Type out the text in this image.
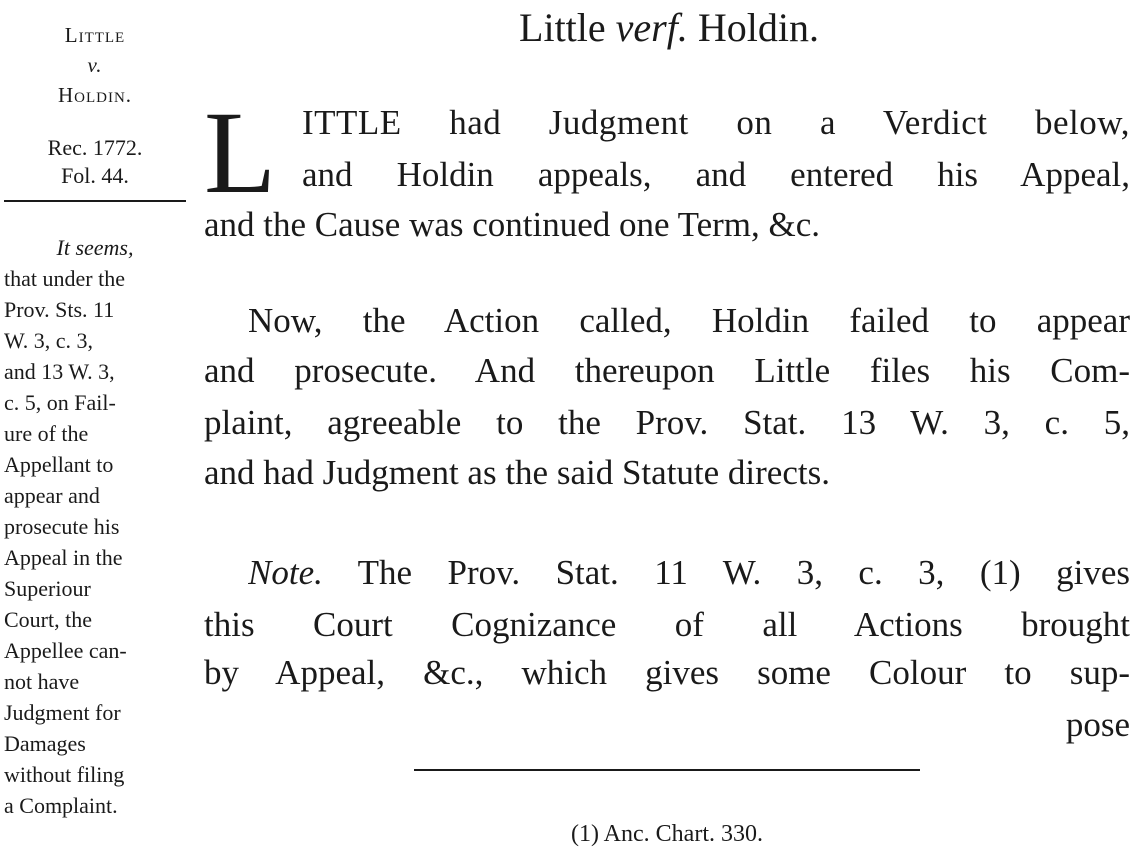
Little
v.
Holdin.
Rec. 1772.
Fol. 44.
It seems,
that under the
Prov. Sts. 11
W. 3, c. 3,
and 13 W. 3,
c. 5, on Fail-
ure of the
Appellant to
appear and
prosecute his
Appeal in the
Superiour
Court, the
Appellee can-
not have
Judgment for
Damages
without filing
a Complaint.
Little verf. Holdin.
L ITTLE had Judgment on a Verdict below,
and Holdin appeals, and entered his Appeal,
and the Cause was continued one Term, &c.
Now, the Action called, Holdin failed to appear
and prosecute. And thereupon Little files his Com-
plaint, agreeable to the Prov. Stat. 13 W. 3, c. 5,
and had Judgment as the said Statute directs.
Note. The Prov. Stat. 11 W. 3, c. 3, (1) gives
this Court Cognizance of all Actions brought
by Appeal, &c., which gives some Colour to sup-
pose
(1) Anc. Chart. 330.
